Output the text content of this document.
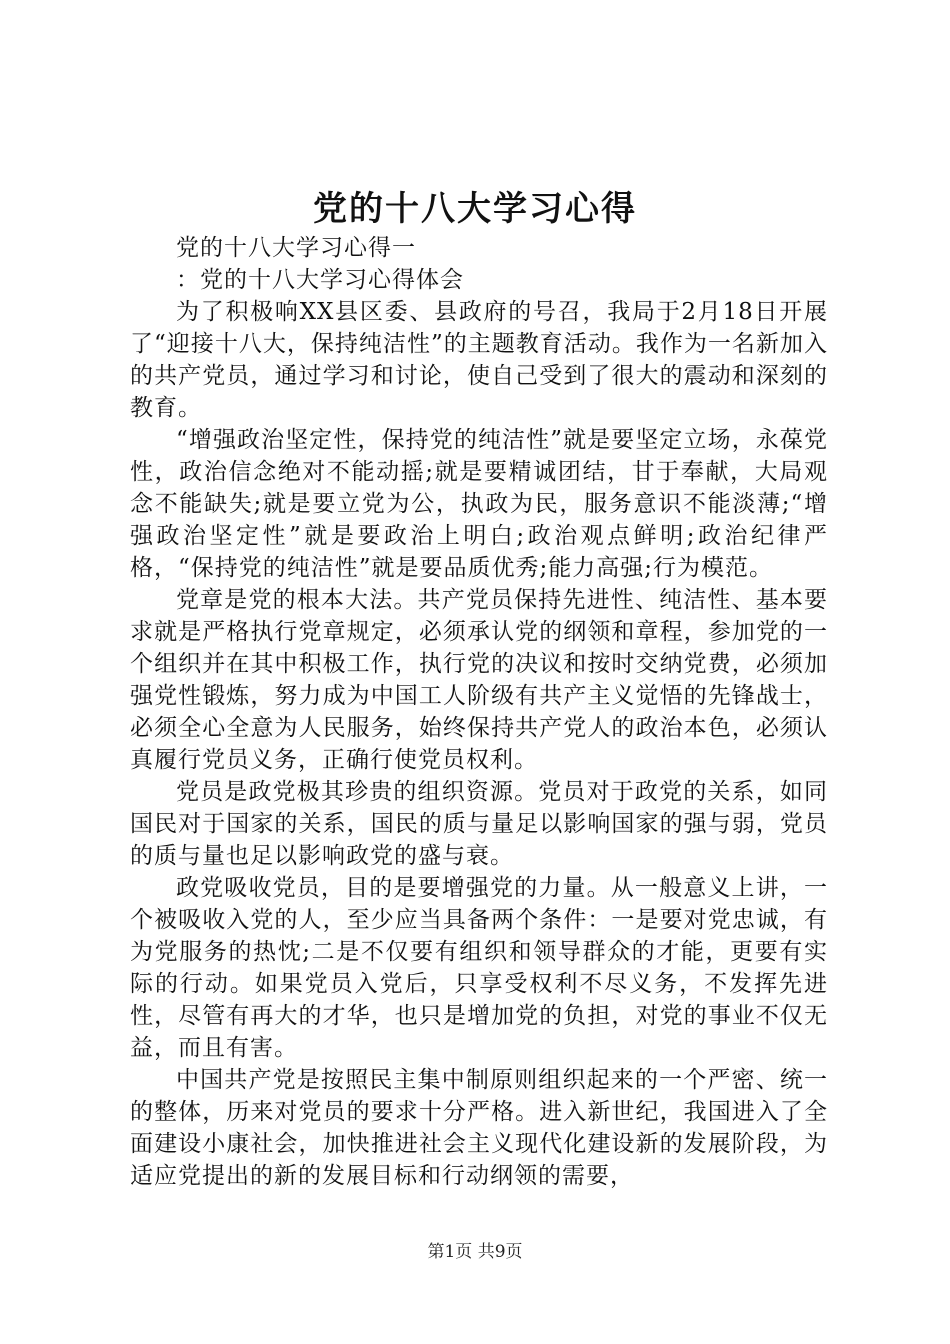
党的十八大学习心得

党的十八大学习心得一

：党的十八大学习心得体会

为了积极响XX县区委、县政府的号召，我局于2月18日开展了“迎接十八大，保持纯洁性”的主题教育活动。我作为一名新加入的共产党员，通过学习和讨论，使自己受到了很大的震动和深刻的教育。

“增强政治坚定性，保持党的纯洁性”就是要坚定立场，永葆党性，政治信念绝对不能动摇;就是要精诚团结，甘于奉献，大局观念不能缺失;就是要立党为公，执政为民，服务意识不能淡薄;“增强政治坚定性”就是要政治上明白;政治观点鲜明;政治纪律严格，“保持党的纯洁性”就是要品质优秀;能力高强;行为模范。

党章是党的根本大法。共产党员保持先进性、纯洁性、基本要求就是严格执行党章规定，必须承认党的纲领和章程，参加党的一个组织并在其中积极工作，执行党的决议和按时交纳党费，必须加强党性锻炼，努力成为中国工人阶级有共产主义觉悟的先锋战士，必须全心全意为人民服务，始终保持共产党人的政治本色，必须认真履行党员义务，正确行使党员权利。

党员是政党极其珍贵的组织资源。党员对于政党的关系，如同国民对于国家的关系，国民的质与量足以影响国家的强与弱，党员的质与量也足以影响政党的盛与衰。

政党吸收党员，目的是要增强党的力量。从一般意义上讲，一个被吸收入党的人，至少应当具备两个条件：一是要对党忠诚，有为党服务的热忱;二是不仅要有组织和领导群众的才能，更要有实际的行动。如果党员入党后，只享受权利不尽义务，不发挥先进性，尽管有再大的才华，也只是增加党的负担，对党的事业不仅无益，而且有害。

中国共产党是按照民主集中制原则组织起来的一个严密、统一的整体，历来对党员的要求十分严格。进入新世纪，我国进入了全面建设小康社会，加快推进社会主义现代化建设新的发展阶段，为适应党提出的新的发展目标和行动纲领的需要，

第1页 共9页
